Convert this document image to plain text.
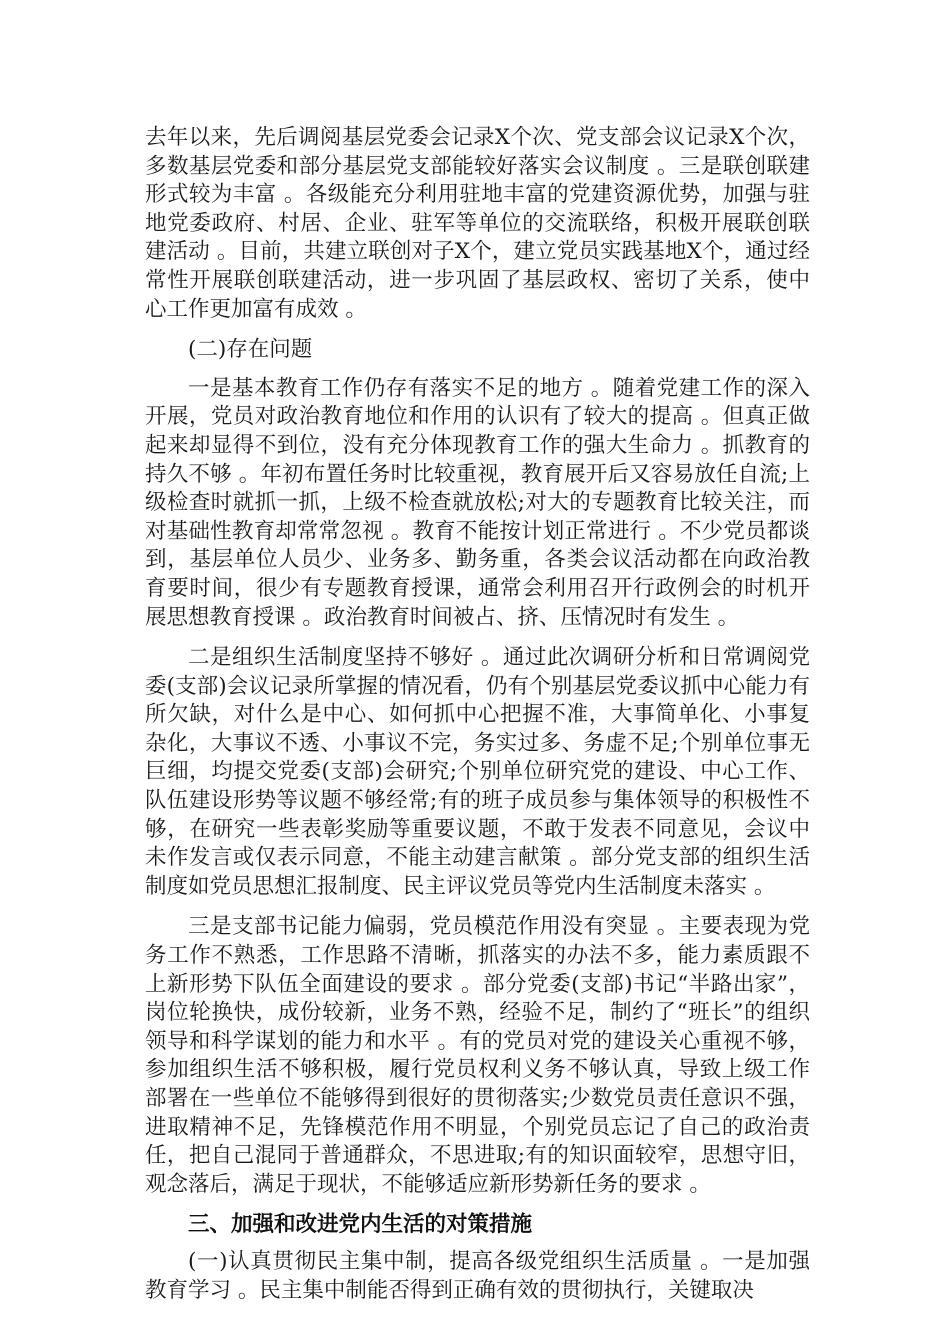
去年以来，先后调阅基层党委会记录X个次、党支部会议记录X个次，多数基层党委和部分基层党支部能较好落实会议制度 。三是联创联建形式较为丰富 。各级能充分利用驻地丰富的党建资源优势，加强与驻地党委政府、村居、企业、驻军等单位的交流联络，积极开展联创联建活动 。目前，共建立联创对子X个，建立党员实践基地X个，通过经常性开展联创联建活动，进一步巩固了基层政权、密切了关系，使中心工作更加富有成效 。

(二)存在问题

一是基本教育工作仍存有落实不足的地方 。随着党建工作的深入开展，党员对政治教育地位和作用的认识有了较大的提高 。但真正做起来却显得不到位，没有充分体现教育工作的强大生命力 。抓教育的持久不够 。年初布置任务时比较重视，教育展开后又容易放任自流;上级检查时就抓一抓，上级不检查就放松;对大的专题教育比较关注，而对基础性教育却常常忽视 。教育不能按计划正常进行 。不少党员都谈到，基层单位人员少、业务多、勤务重，各类会议活动都在向政治教育要时间，很少有专题教育授课，通常会利用召开行政例会的时机开展思想教育授课 。政治教育时间被占、挤、压情况时有发生 。

二是组织生活制度坚持不够好 。通过此次调研分析和日常调阅党委(支部)会议记录所掌握的情况看，仍有个别基层党委议抓中心能力有所欠缺，对什么是中心、如何抓中心把握不准，大事简单化、小事复杂化，大事议不透、小事议不完，务实过多、务虚不足;个别单位事无巨细，均提交党委(支部)会研究;个别单位研究党的建设、中心工作、队伍建设形势等议题不够经常;有的班子成员参与集体领导的积极性不够，在研究一些表彰奖励等重要议题，不敢于发表不同意见，会议中未作发言或仅表示同意，不能主动建言献策 。部分党支部的组织生活制度如党员思想汇报制度、民主评议党员等党内生活制度未落实 。

三是支部书记能力偏弱，党员模范作用没有突显 。主要表现为党务工作不熟悉，工作思路不清晰，抓落实的办法不多，能力素质跟不上新形势下队伍全面建设的要求 。部分党委(支部)书记“半路出家”，岗位轮换快，成份较新，业务不熟，经验不足，制约了“班长”的组织领导和科学谋划的能力和水平 。有的党员对党的建设关心重视不够，参加组织生活不够积极，履行党员权利义务不够认真，导致上级工作部署在一些单位不能够得到很好的贯彻落实;少数党员责任意识不强，进取精神不足，先锋模范作用不明显，个别党员忘记了自己的政治责任，把自己混同于普通群众，不思进取;有的知识面较窄，思想守旧，观念落后，满足于现状，不能够适应新形势新任务的要求 。

三、加强和改进党内生活的对策措施

(一)认真贯彻民主集中制，提高各级党组织生活质量 。一是加强教育学习 。民主集中制能否得到正确有效的贯彻执行，关键取决
